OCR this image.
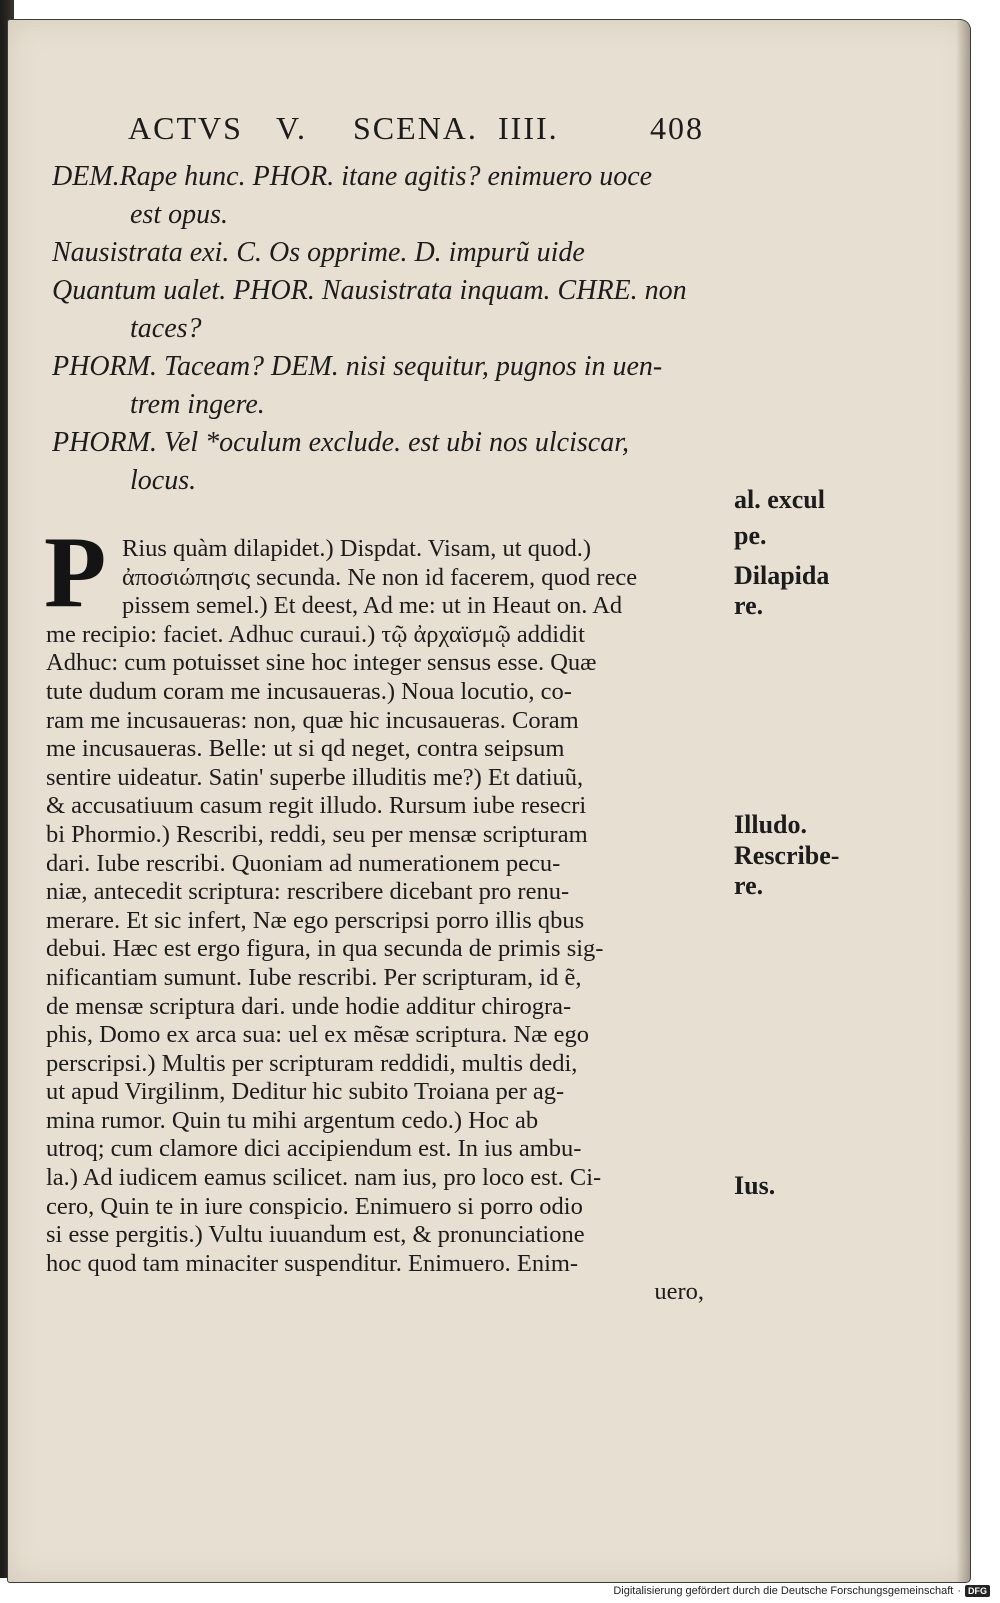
ACTVS V. SCENA. IIII.	408
DEM.Rape hunc. PHOR. itane agitis? enimuero uoce
est opus.
Nausistrata exi. C. Os opprime. D. impurũ uide
Quantum ualet. PHOR. Nausistrata inquam. CHRE. non
taces?
PHORM. Taceam? DEM. nisi sequitur, pugnos in uen-
trem ingere.
PHORM. Vel *oculum exclude. est ubi nos ulciscar,
locus.
P Rius quàm dilapidet.) Dispdat. Visam, ut quod.)
ἀποσιώπησις secunda. Ne non id facerem, quod rece
pissem semel.) Et deest, Ad me: ut in Heaut on. Ad
me recipio: faciet. Adhuc curaui.) τῷ ἀρχαϊσμῷ addidit
Adhuc: cum potuisset sine hoc integer sensus esse. Quæ
tute dudum coram me incusaueras.) Noua locutio, co-
ram me incusaueras: non, quæ hic incusaueras. Coram
me incusaueras. Belle: ut si qd neget, contra seipsum
sentire uideatur. Satin' superbe illuditis me?) Et datiuũ,
& accusatiuum casum regit illudo. Rursum iube resecri
bi Phormio.) Rescribi, reddi, seu per mensæ scripturam
dari. Iube rescribi. Quoniam ad numerationem pecu-
niæ, antecedit scriptura: rescribere dicebant pro renu-
merare. Et sic infert, Næ ego perscripsi porro illis qbus
debui. Hæc est ergo figura, in qua secunda de primis sig-
nificantiam sumunt. Iube rescribi. Per scripturam, id ẽ,
de mensæ scriptura dari. unde hodie additur chirogra-
phis, Domo ex arca sua: uel ex mẽsæ scriptura. Næ ego
perscripsi.) Multis per scripturam reddidi, multis dedi,
ut apud Virgilinm, Deditur hic subito Troiana per ag-
mina rumor. Quin tu mihi argentum cedo.) Hoc ab
utroq; cum clamore dici accipiendum est. In ius ambu-
la.) Ad iudicem eamus scilicet. nam ius, pro loco est. Ci-
cero, Quin te in iure conspicio. Enimuero si porro odio
si esse pergitis.) Vultu iuuandum est, & pronunciatione
hoc quod tam minaciter suspenditur. Enimuero. Enim-
uero,
al. excul
pe.
Dilapida
re.
Illudo.
Rescribe-
re.
Ius.
Digitalisierung gefördert durch die Deutsche Forschungsgemeinschaft · DFG
